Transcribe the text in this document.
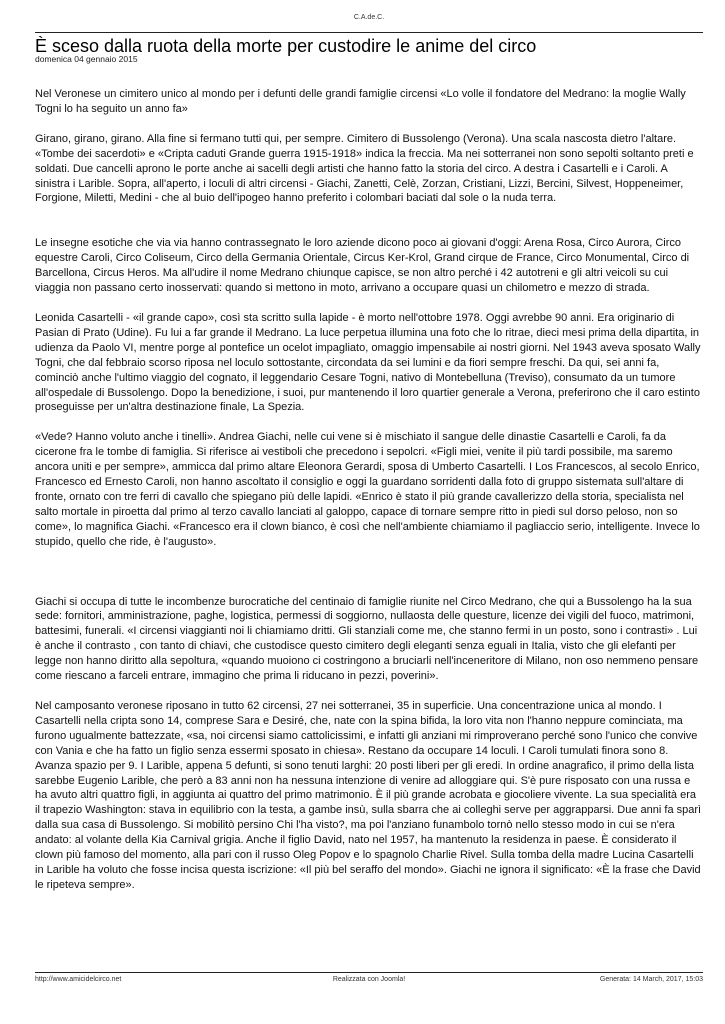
C.A.de.C.
È sceso dalla ruota della morte per custodire le anime del circo
domenica 04 gennaio 2015

Nel Veronese un cimitero unico al mondo per i defunti delle grandi famiglie circensi «Lo volle il fondatore del Medrano: la moglie Wally Togni lo ha seguito un anno fa»

Girano, girano, girano. Alla fine si fermano tutti qui, per sempre. Cimitero di Bussolengo (Verona). Una scala nascosta dietro l'altare. «Tombe dei sacerdoti» e «Cripta caduti Grande guerra 1915-1918» indica la freccia. Ma nei sotterranei non sono sepolti soltanto preti e soldati. Due cancelli aprono le porte anche ai sacelli degli artisti che hanno fatto la storia del circo. A destra i Casartelli e i Caroli. A sinistra i Larible. Sopra, all'aperto, i loculi di altri circensi - Giachi, Zanetti, Celè, Zorzan, Cristiani, Lizzi, Bercini, Silvest, Hoppeneimer, Forgione, Miletti, Medini - che al buio dell'ipogeo hanno preferito i colombari baciati dal sole o la nuda terra.

Le insegne esotiche che via via hanno contrassegnato le loro aziende dicono poco ai giovani d'oggi: Arena Rosa, Circo Aurora, Circo equestre Caroli, Circo Coliseum, Circo della Germania Orientale, Circus Ker-Krol, Grand cirque de France, Circo Monumental, Circo di Barcellona, Circus Heros. Ma all'udire il nome Medrano chiunque capisce, se non altro perché i 42 autotreni e gli altri veicoli su cui viaggia non passano certo inosservati: quando si mettono in moto, arrivano a occupare quasi un chilometro e mezzo di strada.

Leonida Casartelli - «il grande capo», così sta scritto sulla lapide - è morto nell'ottobre 1978. Oggi avrebbe 90 anni. Era originario di Pasian di Prato (Udine). Fu lui a far grande il Medrano. La luce perpetua illumina una foto che lo ritrae, dieci mesi prima della dipartita, in udienza da Paolo VI, mentre porge al pontefice un ocelot impagliato, omaggio impensabile ai nostri giorni. Nel 1943 aveva sposato Wally Togni, che dal febbraio scorso riposa nel loculo sottostante, circondata da sei lumini e da fiori sempre freschi. Da qui, sei anni fa, cominciò anche l'ultimo viaggio del cognato, il leggendario Cesare Togni, nativo di Montebelluna (Treviso), consumato da un tumore all'ospedale di Bussolengo. Dopo la benedizione, i suoi, pur mantenendo il loro quartier generale a Verona, preferirono che il caro estinto proseguisse per un'altra destinazione finale, La Spezia.

«Vede? Hanno voluto anche i tinelli». Andrea Giachi, nelle cui vene si è mischiato il sangue delle dinastie Casartelli e Caroli, fa da cicerone fra le tombe di famiglia. Si riferisce ai vestiboli che precedono i sepolcri. «Figli miei, venite il più tardi possibile, ma saremo ancora uniti e per sempre», ammicca dal primo altare Eleonora Gerardi, sposa di Umberto Casartelli. I Los Francescos, al secolo Enrico, Francesco ed Ernesto Caroli, non hanno ascoltato il consiglio e oggi la guardano sorridenti dalla foto di gruppo sistemata sull'altare di fronte, ornato con tre ferri di cavallo che spiegano più delle lapidi. «Enrico è stato il più grande cavallerizzo della storia, specialista nel salto mortale in piroetta dal primo al terzo cavallo lanciati al galoppo, capace di tornare sempre ritto in piedi sul dorso peloso, non so come», lo magnifica Giachi. «Francesco era il clown bianco, è così che nell'ambiente chiamiamo il pagliaccio serio, intelligente. Invece lo stupido, quello che ride, è l'augusto».

Giachi si occupa di tutte le incombenze burocratiche del centinaio di famiglie riunite nel Circo Medrano, che qui a Bussolengo ha la sua sede: fornitori, amministrazione, paghe, logistica, permessi di soggiorno, nullaosta delle questure, licenze dei vigili del fuoco, matrimoni, battesimi, funerali. «I circensi viaggianti noi li chiamiamo dritti. Gli stanziali come me, che stanno fermi in un posto, sono i contrasti» . Lui è anche il contrasto , con tanto di chiavi, che custodisce questo cimitero degli eleganti senza eguali in Italia, visto che gli elefanti per legge non hanno diritto alla sepoltura, «quando muoiono ci costringono a bruciarli nell'inceneritore di Milano, non oso nemmeno pensare come riescano a farceli entrare, immagino che prima li riducano in pezzi, poverini».

Nel camposanto veronese riposano in tutto 62 circensi, 27 nei sotterranei, 35 in superficie. Una concentrazione unica al mondo. I Casartelli nella cripta sono 14, comprese Sara e Desiré, che, nate con la spina bifida, la loro vita non l'hanno neppure cominciata, ma furono ugualmente battezzate, «sa, noi circensi siamo cattolicissimi, e infatti gli anziani mi rimproverano perché sono l'unico che convive con Vania e che ha fatto un figlio senza essermi sposato in chiesa». Restano da occupare 14 loculi. I Caroli tumulati finora sono 8. Avanza spazio per 9. I Larible, appena 5 defunti, si sono tenuti larghi: 20 posti liberi per gli eredi. In ordine anagrafico, il primo della lista sarebbe Eugenio Larible, che però a 83 anni non ha nessuna intenzione di venire ad alloggiare qui. S'è pure risposato con una russa e ha avuto altri quattro figli, in aggiunta ai quattro del primo matrimonio. È il più grande acrobata e giocoliere vivente. La sua specialità era il trapezio Washington: stava in equilibrio con la testa, a gambe insù, sulla sbarra che ai colleghi serve per aggrapparsi. Due anni fa sparì dalla sua casa di Bussolengo. Si mobilitò persino Chi l'ha visto?, ma poi l'anziano funambolo tornò nello stesso modo in cui se n'era andato: al volante della Kia Carnival grigia. Anche il figlio David, nato nel 1957, ha mantenuto la residenza in paese. È considerato il clown più famoso del momento, alla pari con il russo Oleg Popov e lo spagnolo Charlie Rivel. Sulla tomba della madre Lucina Casartelli in Larible ha voluto che fosse incisa questa iscrizione: «Il più bel seraffo del mondo». Giachi ne ignora il significato: «È la frase che David le ripeteva sempre».

http://www.amicidelcirco.net	Realizzata con Joomla!	Generata: 14 March, 2017, 15:03
